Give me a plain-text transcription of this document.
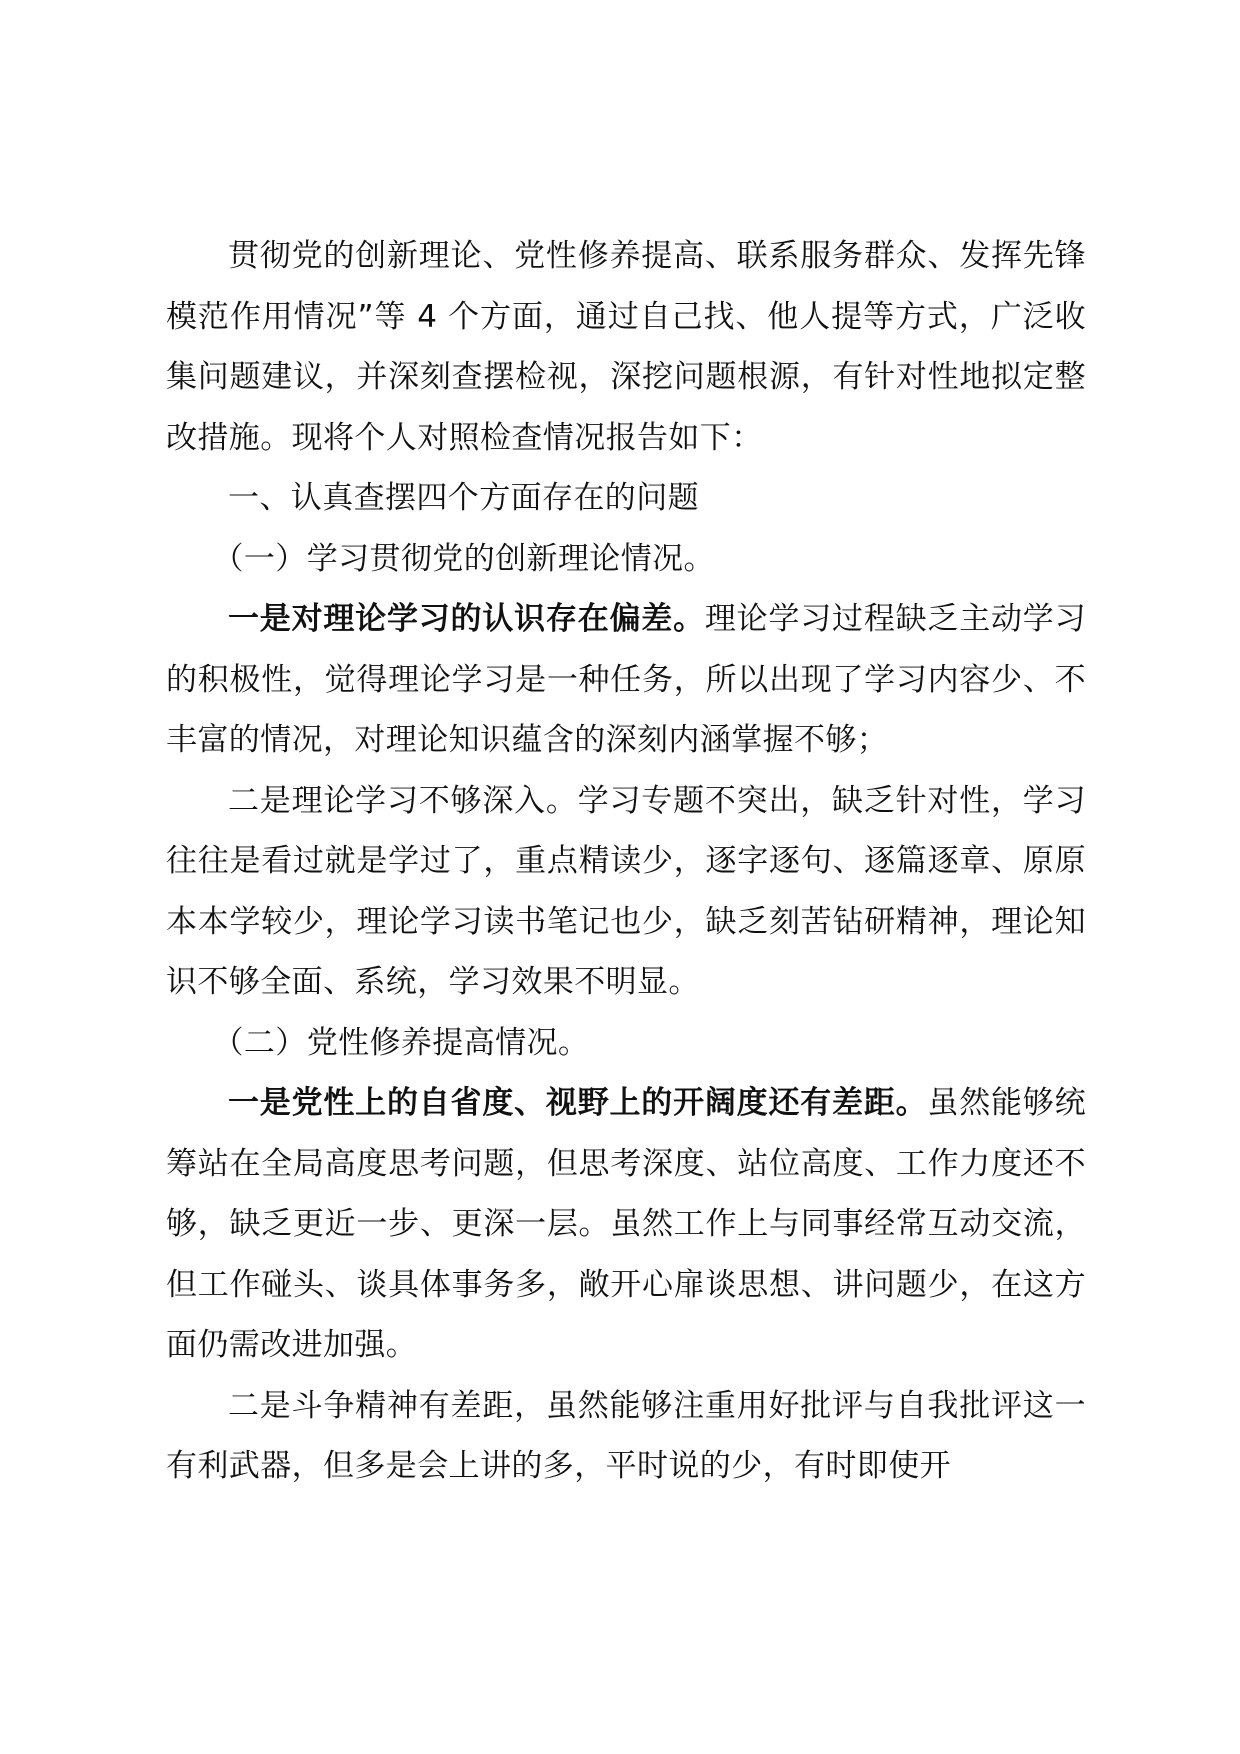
贯彻党的创新理论、党性修养提高、联系服务群众、发挥先锋模范作用情况”等 4 个方面，通过自己找、他人提等方式，广泛收集问题建议，并深刻查摆检视，深挖问题根源，有针对性地拟定整改措施。现将个人对照检查情况报告如下：

一、认真查摆四个方面存在的问题

（一）学习贯彻党的创新理论情况。

一是对理论学习的认识存在偏差。理论学习过程缺乏主动学习的积极性，觉得理论学习是一种任务，所以出现了学习内容少、不丰富的情况，对理论知识蕴含的深刻内涵掌握不够；

二是理论学习不够深入。学习专题不突出，缺乏针对性，学习往往是看过就是学过了，重点精读少，逐字逐句、逐篇逐章、原原本本学较少，理论学习读书笔记也少，缺乏刻苦钻研精神，理论知识不够全面、系统，学习效果不明显。

（二）党性修养提高情况。

一是党性上的自省度、视野上的开阔度还有差距。虽然能够统筹站在全局高度思考问题，但思考深度、站位高度、工作力度还不够，缺乏更近一步、更深一层。虽然工作上与同事经常互动交流，但工作碰头、谈具体事务多，敞开心扉谈思想、讲问题少，在这方面仍需改进加强。

二是斗争精神有差距，虽然能够注重用好批评与自我批评这一有利武器，但多是会上讲的多，平时说的少，有时即使开
